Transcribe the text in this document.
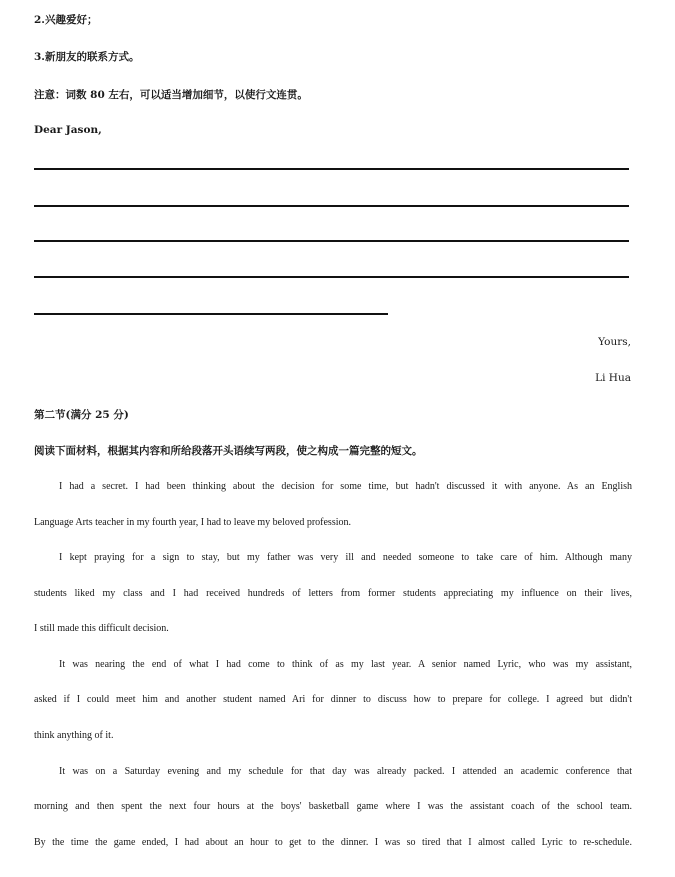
2.兴趣爱好；
3.新朋友的联系方式。
注意：词数 80 左右，可以适当增加细节，以使行文连贯。
Dear Jason,
Yours,
Li Hua
第二节(满分 25 分)
阅读下面材料，根据其内容和所给段落开头语续写两段，使之构成一篇完整的短文。
I had a secret. I had been thinking about the decision for some time, but hadn't discussed it with anyone. As an English
Language Arts teacher in my fourth year, I had to leave my beloved profession.
I kept praying for a sign to stay, but my father was very ill and needed someone to take care of him. Although many
students liked my class and I had received hundreds of letters from former students appreciating my influence on their lives,
I still made this difficult decision.
It was nearing the end of what I had come to think of as my last year. A senior named Lyric, who was my assistant,
asked if I could meet him and another student named Ari for dinner to discuss how to prepare for college. I agreed but didn't
think anything of it.
It was on a Saturday evening and my schedule for that day was already packed. I attended an academic conference that
morning and then spent the next four hours at the boys' basketball game where I was the assistant coach of the school team.
By the time the game ended, I had about an hour to get to the dinner. I was so tired that I almost called Lyric to re-schedule.
